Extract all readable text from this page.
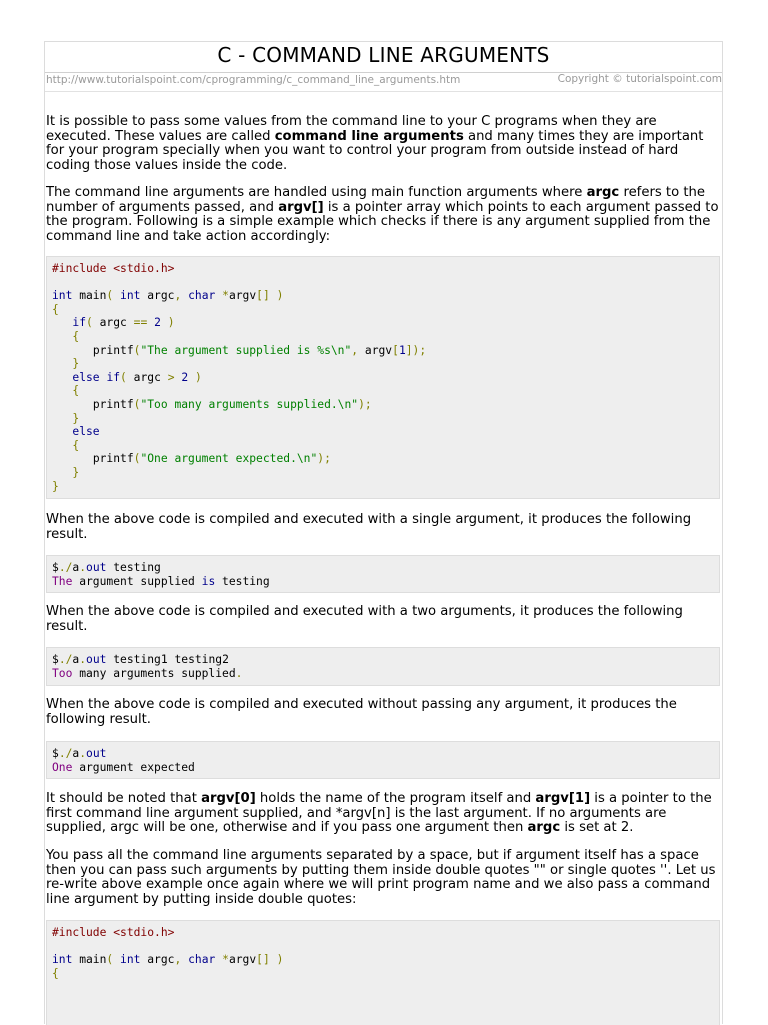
C - COMMAND LINE ARGUMENTS
http://www.tutorialspoint.com/cprogramming/c_command_line_arguments.htm	Copyright © tutorialspoint.com

It is possible to pass some values from the command line to your C programs when they are executed. These values are called command line arguments and many times they are important for your program specially when you want to control your program from outside instead of hard coding those values inside the code.

The command line arguments are handled using main function arguments where argc refers to the number of arguments passed, and argv[] is a pointer array which points to each argument passed to the program. Following is a simple example which checks if there is any argument supplied from the command line and take action accordingly:

#include <stdio.h>
int main( int argc, char *argv[] )
{
if( argc == 2 )
{
printf("The argument supplied is %s\n", argv[1]);
}
else if( argc > 2 )
{
printf("Too many arguments supplied.\n");
}
else
{
printf("One argument expected.\n");
}
}

When the above code is compiled and executed with a single argument, it produces the following result.

$./a.out testing
The argument supplied is testing

When the above code is compiled and executed with a two arguments, it produces the following result.

$./a.out testing1 testing2
Too many arguments supplied.

When the above code is compiled and executed without passing any argument, it produces the following result.

$./a.out
One argument expected

It should be noted that argv[0] holds the name of the program itself and argv[1] is a pointer to the first command line argument supplied, and *argv[n] is the last argument. If no arguments are supplied, argc will be one, otherwise and if you pass one argument then argc is set at 2.

You pass all the command line arguments separated by a space, but if argument itself has a space then you can pass such arguments by putting them inside double quotes "" or single quotes ''. Let us re-write above example once again where we will print program name and we also pass a command line argument by putting inside double quotes:

#include <stdio.h>
int main( int argc, char *argv[] )
{
